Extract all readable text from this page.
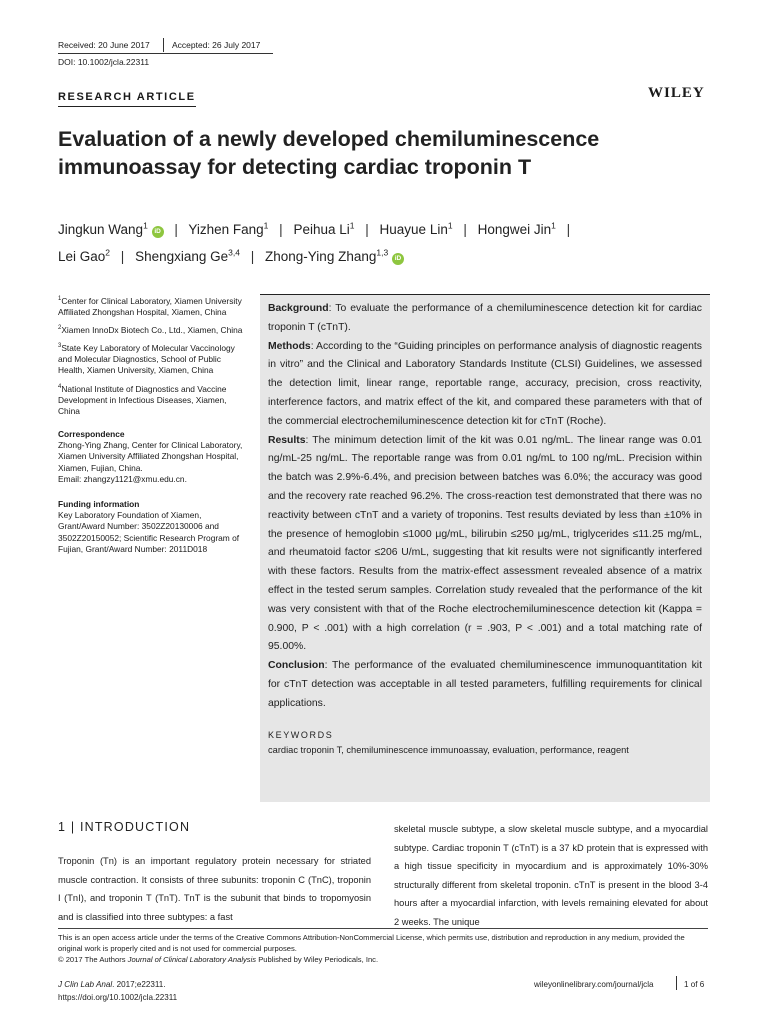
Received: 20 June 2017	Accepted: 26 July 2017
DOI: 10.1002/jcla.22311
RESEARCH ARTICLE	WILEY
Evaluation of a newly developed chemiluminescence immunoassay for detecting cardiac troponin T
Jingkun Wang$^1$ iD | Yizhen Fang$^1$ | Peihua Li$^1$ | Huayue Lin$^1$ | Hongwei Jin$^1$ |
Lei Gao$^2$ | Shengxiang Ge$^{3,4}$ | Zhong-Ying Zhang$^{1,3}$ iD
$^1$Center for Clinical Laboratory, Xiamen University Affiliated Zhongshan Hospital, Xiamen, China
$^2$Xiamen InnoDx Biotech Co., Ltd., Xiamen, China
$^3$State Key Laboratory of Molecular Vaccinology and Molecular Diagnostics, School of Public Health, Xiamen University, Xiamen, China
$^4$National Institute of Diagnostics and Vaccine Development in Infectious Diseases, Xiamen, China
Correspondence
Zhong-Ying Zhang, Center for Clinical Laboratory, Xiamen University Affiliated Zhongshan Hospital, Xiamen, Fujian, China.
Email: zhangzy1121@xmu.edu.cn.
Funding information
Key Laboratory Foundation of Xiamen, Grant/Award Number: 3502Z20130006 and 3502Z20150052; Scientific Research Program of Fujian, Grant/Award Number: 2011D018
Background: To evaluate the performance of a chemiluminescence detection kit for cardiac troponin T (cTnT).
Methods: According to the “Guiding principles on performance analysis of diagnostic reagents in vitro” and the Clinical and Laboratory Standards Institute (CLSI) Guidelines, we assessed the detection limit, linear range, reportable range, accuracy, precision, cross reactivity, interference factors, and matrix effect of the kit, and compared these parameters with that of the commercial electrochemiluminescence detection kit for cTnT (Roche).
Results: The minimum detection limit of the kit was 0.01 ng/mL. The linear range was 0.01 ng/mL-25 ng/mL. The reportable range was from 0.01 ng/mL to 100 ng/mL. Precision within the batch was 2.9%-6.4%, and precision between batches was 6.0%; the accuracy was good and the recovery rate reached 96.2%. The cross-reaction test demonstrated that there was no reactivity between cTnT and a variety of troponins. Test results deviated by less than ±10% in the presence of hemoglobin ≤1000 μg/mL, bilirubin ≤250 μg/mL, triglycerides ≤11.25 mg/mL, and rheumatoid factor ≤206 U/mL, suggesting that kit results were not significantly interfered with these factors. Results from the matrix-effect assessment revealed absence of a matrix effect in the tested serum samples. Correlation study revealed that the performance of the kit was very consistent with that of the Roche electrochemiluminescence detection kit (Kappa = 0.900, P < .001) with a high correlation (r = .903, P < .001) and a total matching rate of 95.00%.
Conclusion: The performance of the evaluated chemiluminescence immunoquantitation kit for cTnT detection was acceptable in all tested parameters, fulfilling requirements for clinical applications.
KEYWORDS
cardiac troponin T, chemiluminescence immunoassay, evaluation, performance, reagent
1 | INTRODUCTION
Troponin (Tn) is an important regulatory protein necessary for striated muscle contraction. It consists of three subunits: troponin C (TnC), troponin I (TnI), and troponin T (TnT). TnT is the subunit that binds to tropomyosin and is classified into three subtypes: a fast
skeletal muscle subtype, a slow skeletal muscle subtype, and a myocardial subtype. Cardiac troponin T (cTnT) is a 37 kD protein that is expressed with a high tissue specificity in myocardium and is approximately 10%-30% structurally different from skeletal troponin. cTnT is present in the blood 3-4 hours after a myocardial infarction, with levels remaining elevated for about 2 weeks. The unique
This is an open access article under the terms of the Creative Commons Attribution-NonCommercial License, which permits use, distribution and reproduction in any medium, provided the original work is properly cited and is not used for commercial purposes.
© 2017 The Authors Journal of Clinical Laboratory Analysis Published by Wiley Periodicals, Inc.
J Clin Lab Anal. 2017;e22311.
https://doi.org/10.1002/jcla.22311
wileyonlinelibrary.com/journal/jcla	1 of 6
